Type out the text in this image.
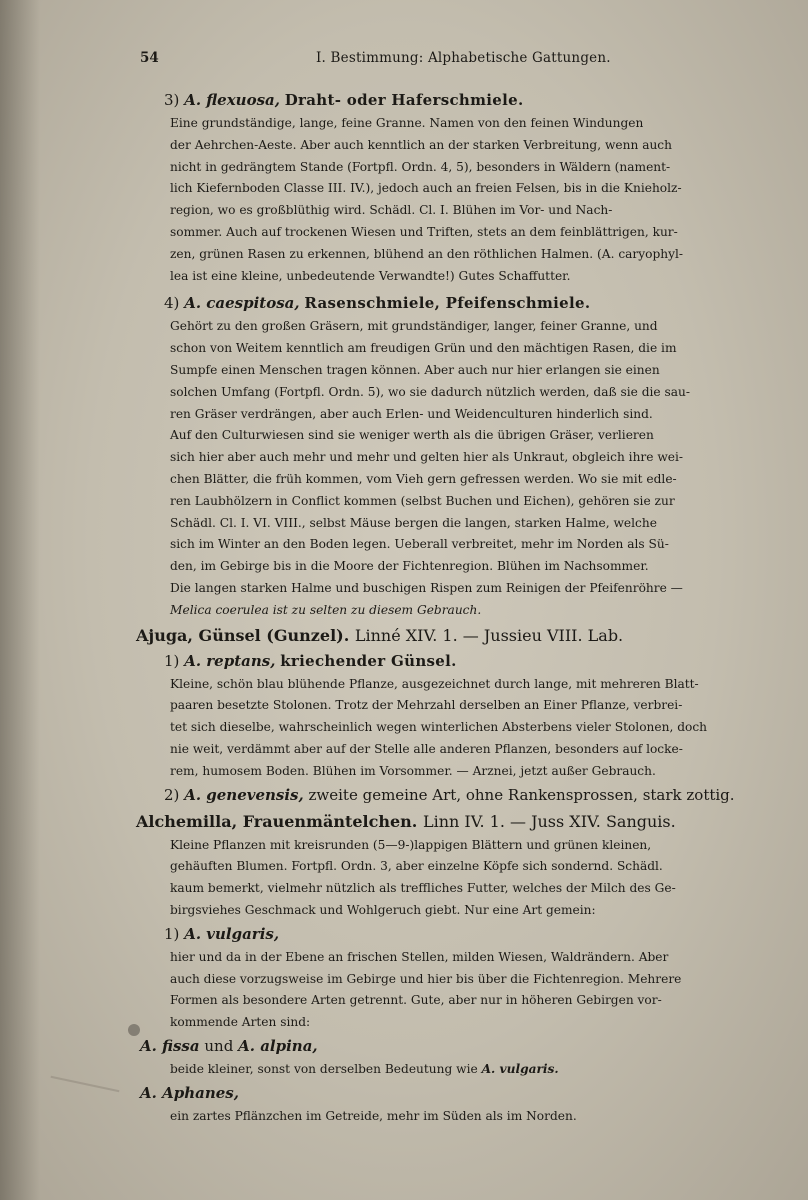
54	I. Bestimmung: Alphabetische Gattungen.
3) A. flexuosa, Draht- oder Haferschmiele.
Eine grundständige, lange, feine Granne. Namen von den feinen Windungen
der Aehrchen-Aeste. Aber auch kenntlich an der starken Verbreitung, wenn auch
nicht in gedrängtem Stande (Fortpfl. Ordn. 4, 5), besonders in Wäldern (nament-
lich Kiefernboden Classe III. IV.), jedoch auch an freien Felsen, bis in die Knieholz-
region, wo es großblüthig wird. Schädl. Cl. I. Blühen im Vor- und Nach-
sommer. Auch auf trockenen Wiesen und Triften, stets an dem feinblättrigen, kur-
zen, grünen Rasen zu erkennen, blühend an den röthlichen Halmen. (A. caryophyl-
lea ist eine kleine, unbedeutende Verwandte!) Gutes Schaffutter.
4) A. caespitosa, Rasenschmiele, Pfeifenschmiele.
Gehört zu den großen Gräsern, mit grundständiger, langer, feiner Granne, und
schon von Weitem kenntlich am freudigen Grün und den mächtigen Rasen, die im
Sumpfe einen Menschen tragen können. Aber auch nur hier erlangen sie einen
solchen Umfang (Fortpfl. Ordn. 5), wo sie dadurch nützlich werden, daß sie die sau-
ren Gräser verdrängen, aber auch Erlen- und Weidenculturen hinderlich sind.
Auf den Culturwiesen sind sie weniger werth als die übrigen Gräser, verlieren
sich hier aber auch mehr und mehr und gelten hier als Unkraut, obgleich ihre wei-
chen Blätter, die früh kommen, vom Vieh gern gefressen werden. Wo sie mit edle-
ren Laubhölzern in Conflict kommen (selbst Buchen und Eichen), gehören sie zur
Schädl. Cl. I. VI. VIII., selbst Mäuse bergen die langen, starken Halme, welche
sich im Winter an den Boden legen. Ueberall verbreitet, mehr im Norden als Sü-
den, im Gebirge bis in die Moore der Fichtenregion. Blühen im Nachsommer.
Die langen starken Halme und buschigen Rispen zum Reinigen der Pfeifenröhre —
Melica coerulea ist zu selten zu diesem Gebrauch.
Ajuga, Günsel (Gunzel). Linné XIV. 1. — Jussieu VIII. Lab.
1) A. reptans, kriechender Günsel.
Kleine, schön blau blühende Pflanze, ausgezeichnet durch lange, mit mehreren Blatt-
paaren besetzte Stolonen. Trotz der Mehrzahl derselben an Einer Pflanze, verbrei-
tet sich dieselbe, wahrscheinlich wegen winterlichen Absterbens vieler Stolonen, doch
nie weit, verdämmt aber auf der Stelle alle anderen Pflanzen, besonders auf locke-
rem, humosem Boden. Blühen im Vorsommer. — Arznei, jetzt außer Gebrauch.
2) A. genevensis, zweite gemeine Art, ohne Rankensprossen, stark zottig.
Alchemilla, Frauenmäntelchen. Linn IV. 1. — Juss XIV. Sanguis.
Kleine Pflanzen mit kreisrunden (5—9-)lappigen Blättern und grünen kleinen,
gehäuften Blumen. Fortpfl. Ordn. 3, aber einzelne Köpfe sich sondernd. Schädl.
kaum bemerkt, vielmehr nützlich als treffliches Futter, welches der Milch des Ge-
birgsviehes Geschmack und Wohlgeruch giebt. Nur eine Art gemein:
1) A. vulgaris,
hier und da in der Ebene an frischen Stellen, milden Wiesen, Waldrändern. Aber
auch diese vorzugsweise im Gebirge und hier bis über die Fichtenregion. Mehrere
Formen als besondere Arten getrennt. Gute, aber nur in höheren Gebirgen vor-
kommende Arten sind:
A. fissa und A. alpina,
beide kleiner, sonst von derselben Bedeutung wie A. vulgaris.
A. Aphanes,
ein zartes Pflänzchen im Getreide, mehr im Süden als im Norden.
